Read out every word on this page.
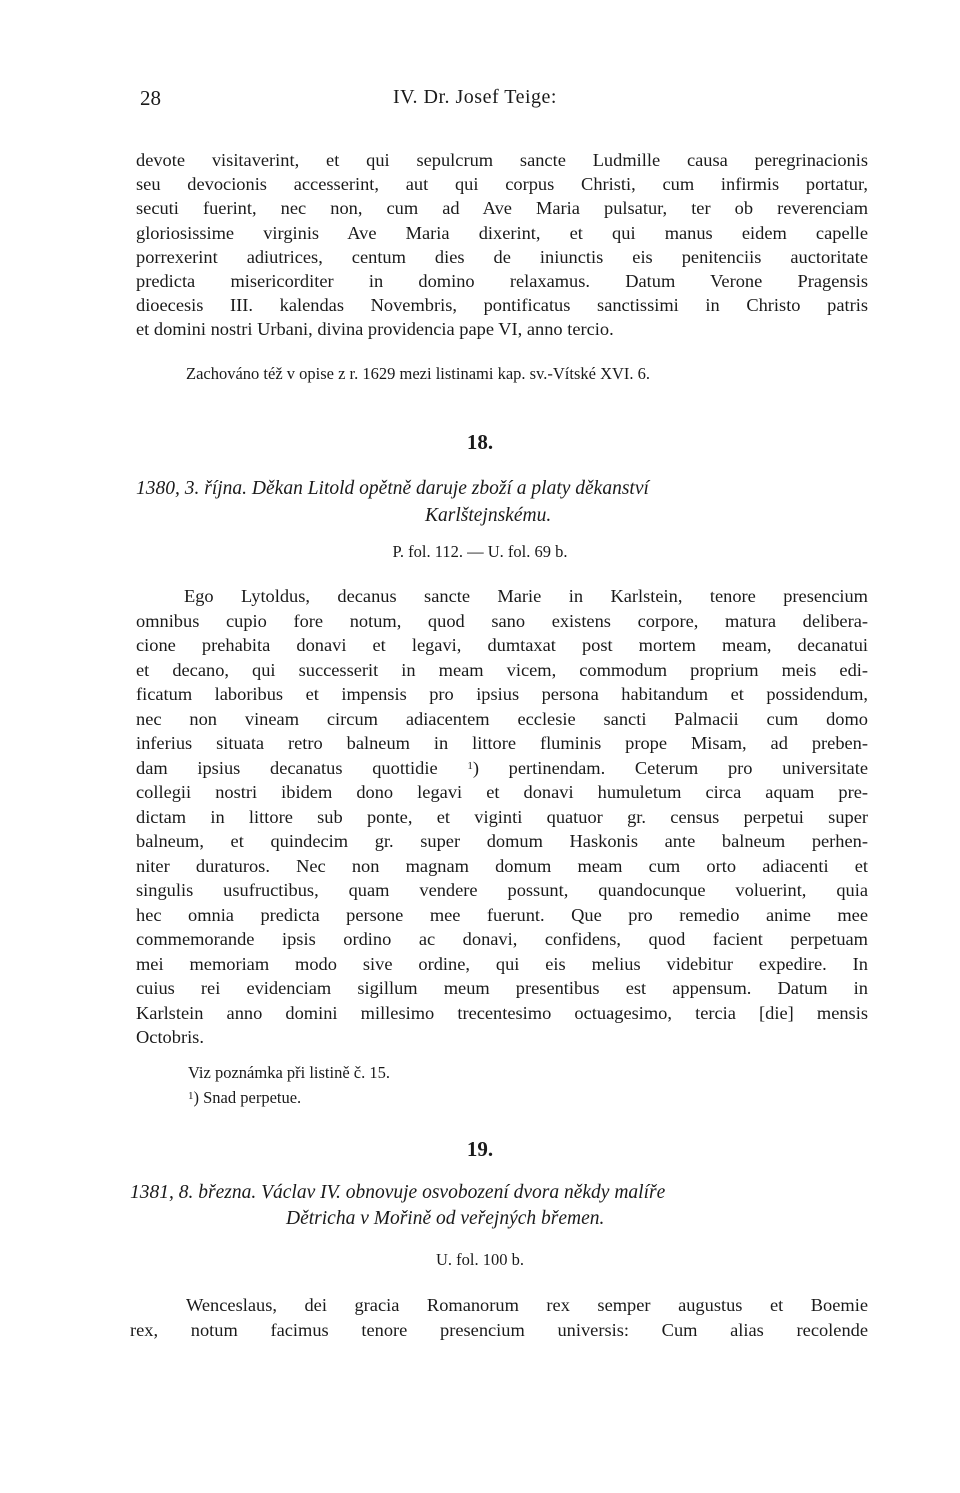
28	IV. Dr. Josef Teige:
devote visitaverint, et qui sepulcrum sancte Ludmille causa peregrinacionis
seu devocionis accesserint, aut qui corpus Christi, cum infirmis portatur,
secuti fuerint, nec non, cum ad Ave Maria pulsatur, ter ob reverenciam
gloriosissime virginis Ave Maria dixerint, et qui manus eidem capelle
porrexerint adiutrices, centum dies de iniunctis eis penitenciis auctoritate
predicta misericorditer in domino relaxamus. Datum Verone Pragensis
dioecesis III. kalendas Novembris, pontificatus sanctissimi in Christo patris
et domini nostri Urbani, divina providencia pape VI, anno tercio.
Zachováno též v opise z r. 1629 mezi listinami kap. sv.-Vítské XVI. 6.
18.
1380, 3. října. Děkan Litold opětně daruje zboží a platy děkanství
Karlštejnskému.
P. fol. 112. — U. fol. 69 b.
Ego Lytoldus, decanus sancte Marie in Karlstein, tenore presencium
omnibus cupio fore notum, quod sano existens corpore, matura delibera-
cione prehabita donavi et legavi, dumtaxat post mortem meam, decanatui
et decano, qui successerit in meam vicem, commodum proprium meis edi-
ficatum laboribus et impensis pro ipsius persona habitandum et possidendum,
nec non vineam circum adiacentem ecclesie sancti Palmacii cum domo
inferius situata retro balneum in littore fluminis prope Misam, ad preben-
dam ipsius decanatus quottidie	$^1$) pertinendam. Ceterum pro universitate
collegii nostri ibidem dono legavi et donavi humuletum circa aquam pre-
dictam in littore sub ponte, et viginti quatuor gr. census perpetui super
balneum, et quindecim gr. super domum Haskonis ante balneum perhen-
niter duraturos. Nec non magnam domum meam cum orto adiacenti et
singulis usufructibus, quam vendere possunt, quandocunque voluerint, quia
hec omnia predicta persone mee fuerunt. Que pro remedio anime mee
commemorande ipsis ordino ac donavi, confidens, quod facient perpetuam
mei memoriam modo sive ordine, qui eis melius videbitur expedire. In
cuius rei evidenciam sigillum meum presentibus est appensum. Datum in
Karlstein anno domini millesimo trecentesimo octuagesimo, tercia [die] mensis
Octobris.
Viz poznámka při listině č. 15.
$^1$) Snad perpetue.
19.
1381, 8. března. Václav IV. obnovuje osvobození dvora někdy malíře
Dětricha v Mořině od veřejných břemen.
U. fol. 100 b.
Wenceslaus, dei gracia Romanorum rex semper augustus et Boemie
rex, notum facimus tenore presencium universis: Cum alias recolende
